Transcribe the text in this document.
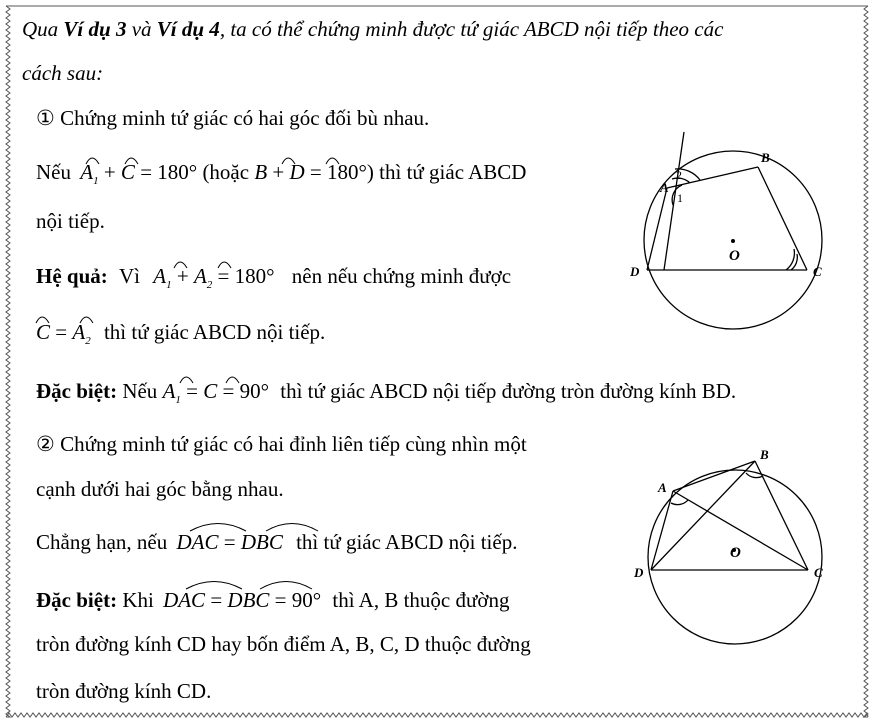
Qua Ví dụ 3 và Ví dụ 4, ta có thể chứng minh được tứ giác ABCD nội tiếp theo các
cách sau:
① Chứng minh tứ giác có hai góc đối bù nhau.
Nếu $A_1 + C = 180^\circ$ (hoặc B + D = 180°) thì tứ giác ABCD
nội tiếp.
Hệ quả: Vì $A_1 + A_2 = 180^\circ$ nên nếu chứng minh được
$C = A_2$ thì tứ giác ABCD nội tiếp.
Đặc biệt: Nếu $A_1 = C = 90^\circ$ thì tứ giác ABCD nội tiếp đường tròn đường kính BD.
② Chứng minh tứ giác có hai đỉnh liên tiếp cùng nhìn một
cạnh dưới hai góc bằng nhau.
Chẳng hạn, nếu DAC = DBC thì tứ giác ABCD nội tiếp.
Đặc biệt: Khi DAC = DBC = 90° thì A, B thuộc đường
tròn đường kính CD hay bốn điểm A, B, C, D thuộc đường
tròn đường kính CD.
A
B
C
D
O
2
1
A
B
C
D
O
